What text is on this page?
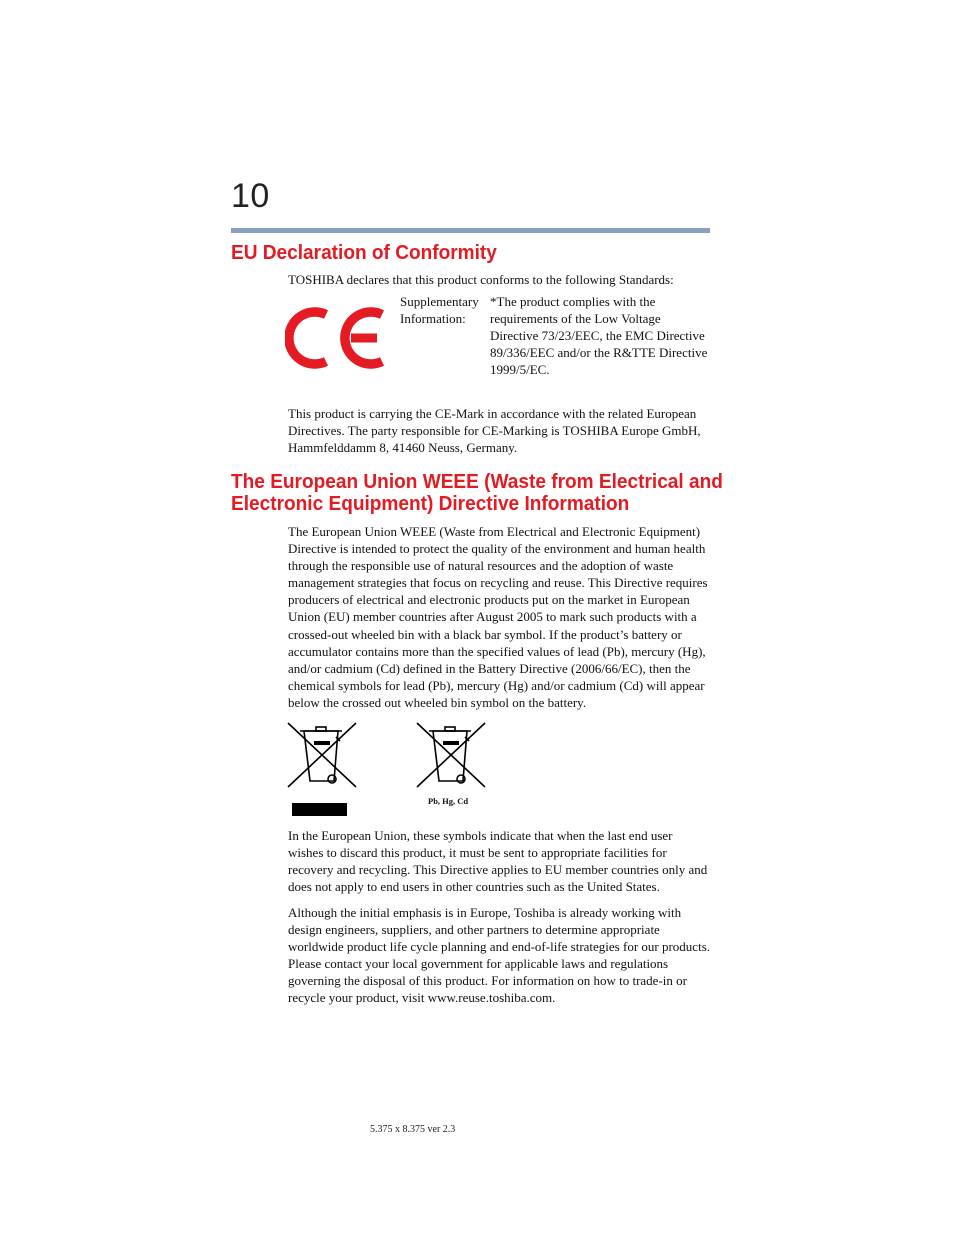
10
EU Declaration of Conformity

TOSHIBA declares that this product conforms to the following Standards:

Supplementary Information:
*The product complies with the requirements of the Low Voltage Directive 73/23/EEC, the EMC Directive 89/336/EEC and/or the R&TTE Directive 1999/5/EC.

This product is carrying the CE-Mark in accordance with the related European Directives. The party responsible for CE-Marking is TOSHIBA Europe GmbH, Hammfelddamm 8, 41460 Neuss, Germany.

The European Union WEEE (Waste from Electrical and
Electronic Equipment) Directive Information

The European Union WEEE (Waste from Electrical and Electronic Equipment) Directive is intended to protect the quality of the environment and human health through the responsible use of natural resources and the adoption of waste management strategies that focus on recycling and reuse. This Directive requires producers of electrical and electronic products put on the market in European Union (EU) member countries after August 2005 to mark such products with a crossed-out wheeled bin with a black bar symbol. If the product’s battery or accumulator contains more than the specified values of lead (Pb), mercury (Hg), and/or cadmium (Cd) defined in the Battery Directive (2006/66/EC), then the chemical symbols for lead (Pb), mercury (Hg) and/or cadmium (Cd) will appear below the crossed out wheeled bin symbol on the battery.

Pb, Hg, Cd

In the European Union, these symbols indicate that when the last end user wishes to discard this product, it must be sent to appropriate facilities for recovery and recycling. This Directive applies to EU member countries only and does not apply to end users in other countries such as the United States.

Although the initial emphasis is in Europe, Toshiba is already working with design engineers, suppliers, and other partners to determine appropriate worldwide product life cycle planning and end-of-life strategies for our products. Please contact your local government for applicable laws and regulations governing the disposal of this product. For information on how to trade-in or recycle your product, visit www.reuse.toshiba.com.

5.375 x 8.375 ver 2.3
